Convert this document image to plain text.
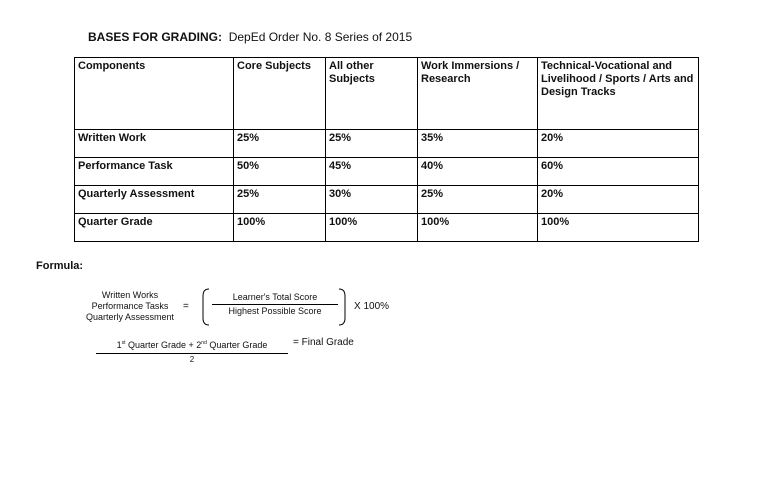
BASES FOR GRADING: DepEd Order No. 8 Series of 2015
Components	Core Subjects	All other Subjects	Work Immersions / Research	Technical-Vocational and Livelihood / Sports / Arts and Design Tracks
Written Work	25%	25%	35%	20%
Performance Task	50%	45%	40%	60%
Quarterly Assessment	25%	30%	25%	20%
Quarter Grade	100%	100%	100%	100%
Formula:
Written Works
Performance Tasks
Quarterly Assessment
=
Learner's Total Score
Highest Possible Score	X 100%
1st Quarter Grade + 2nd Quarter Grade
2
= Final Grade
